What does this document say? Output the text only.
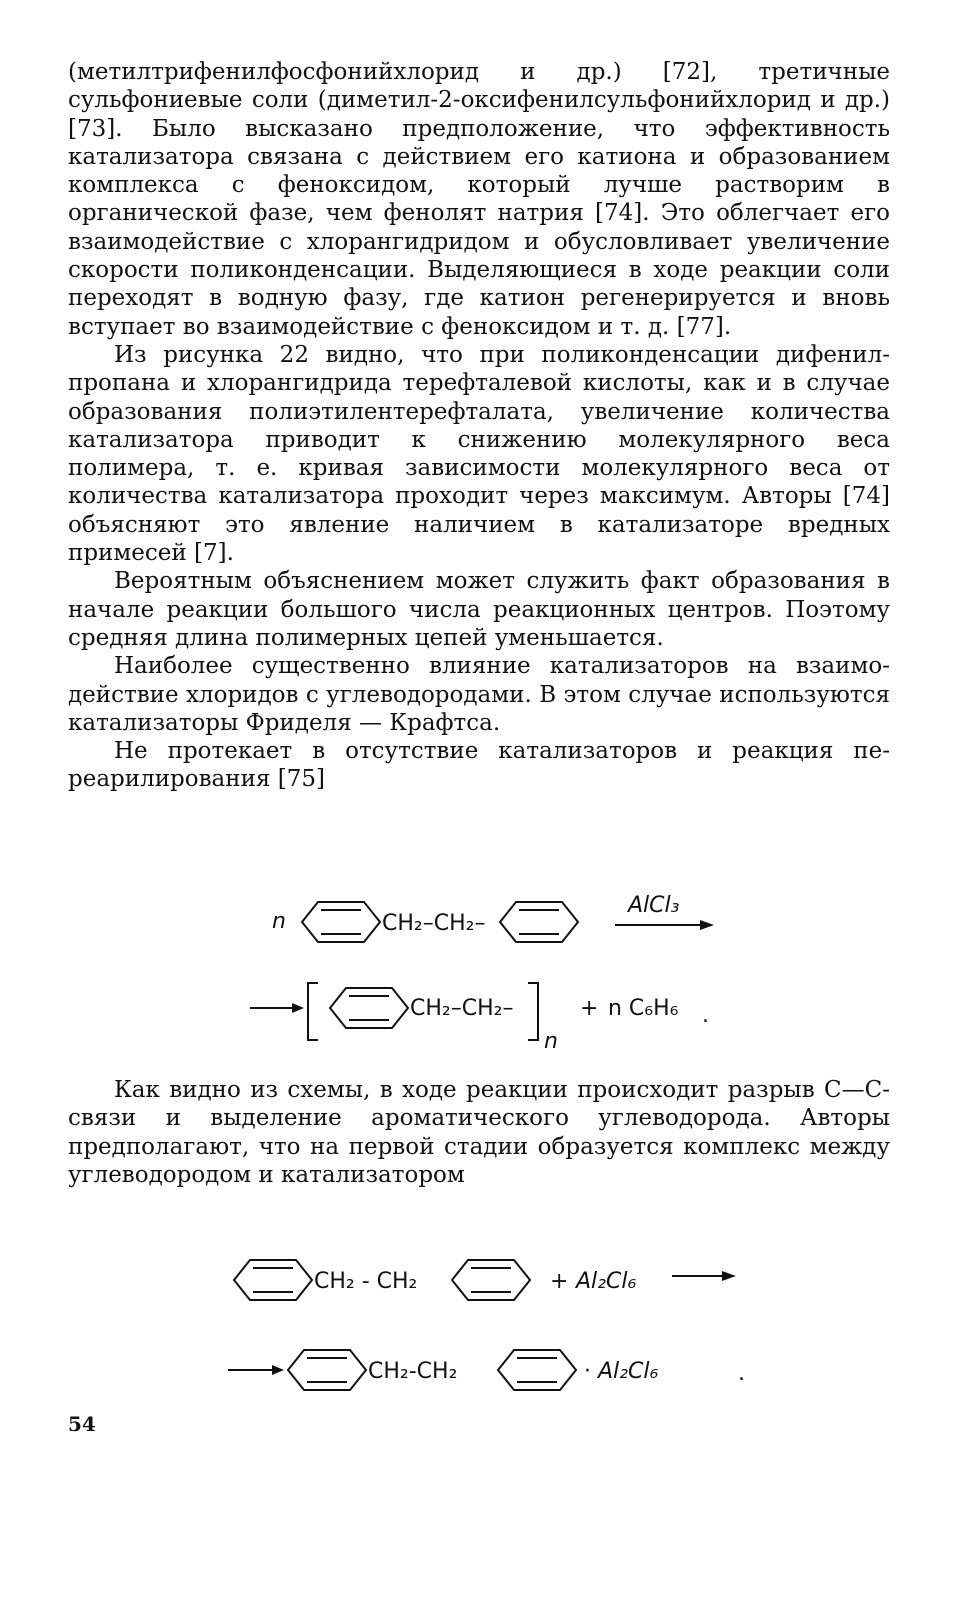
(метилтрифенилфосфонийхлорид и др.) [72], третичные сульфониевые соли (диметил-2-оксифенилсульфонийхлорид и др.) [73]. Было высказано предположение, что эффективность катализатора связана с действием его катиона и образованием комплекса с феноксидом, который лучше растворим в органической фазе, чем фенолят натрия [74]. Это облегчает его взаимодействие с хлорангидридом и обусловливает увеличение скорости поликонденсации. Выделяющиеся в ходе реакции соли переходят в водную фазу, где катион регенерируется и вновь вступает во взаимодействие с феноксидом и т. д. [77].

Из рисунка 22 видно, что при поликонденсации дифенилпропана и хлорангидрида терефталевой кислоты, как и в случае образования полиэтилентерефталата, увеличение количества катализатора приводит к снижению молекулярного веса полимера, т. е. кривая зависимости молекулярного веса от количества катализатора проходит через максимум. Авторы [74] объясняют это явление наличием в катализаторе вредных примесей [7].

Вероятным объяснением может служить факт образования в начале реакции большого числа реакционных центров. Поэтому средняя длина полимерных цепей уменьшается.

Наиболее существенно влияние катализаторов на взаимодействие хлоридов с углеводородами. В этом случае используются катализаторы Фриделя — Крафтса.

Не протекает в отсутствие катализаторов и реакция переарилирования [75]

n	CH₂–CH₂–
AlCl₃
CH₂–CH₂–
n
+ n C₆H₆ .

Как видно из схемы, в ходе реакции происходит разрыв С—С-связи и выделение ароматического углеводорода. Авторы предполагают, что на первой стадии образуется комплекс между углеводородом и катализатором

CH₂ - CH₂	+ Al₂Cl₆
CH₂-CH₂	· Al₂Cl₆	.
54
